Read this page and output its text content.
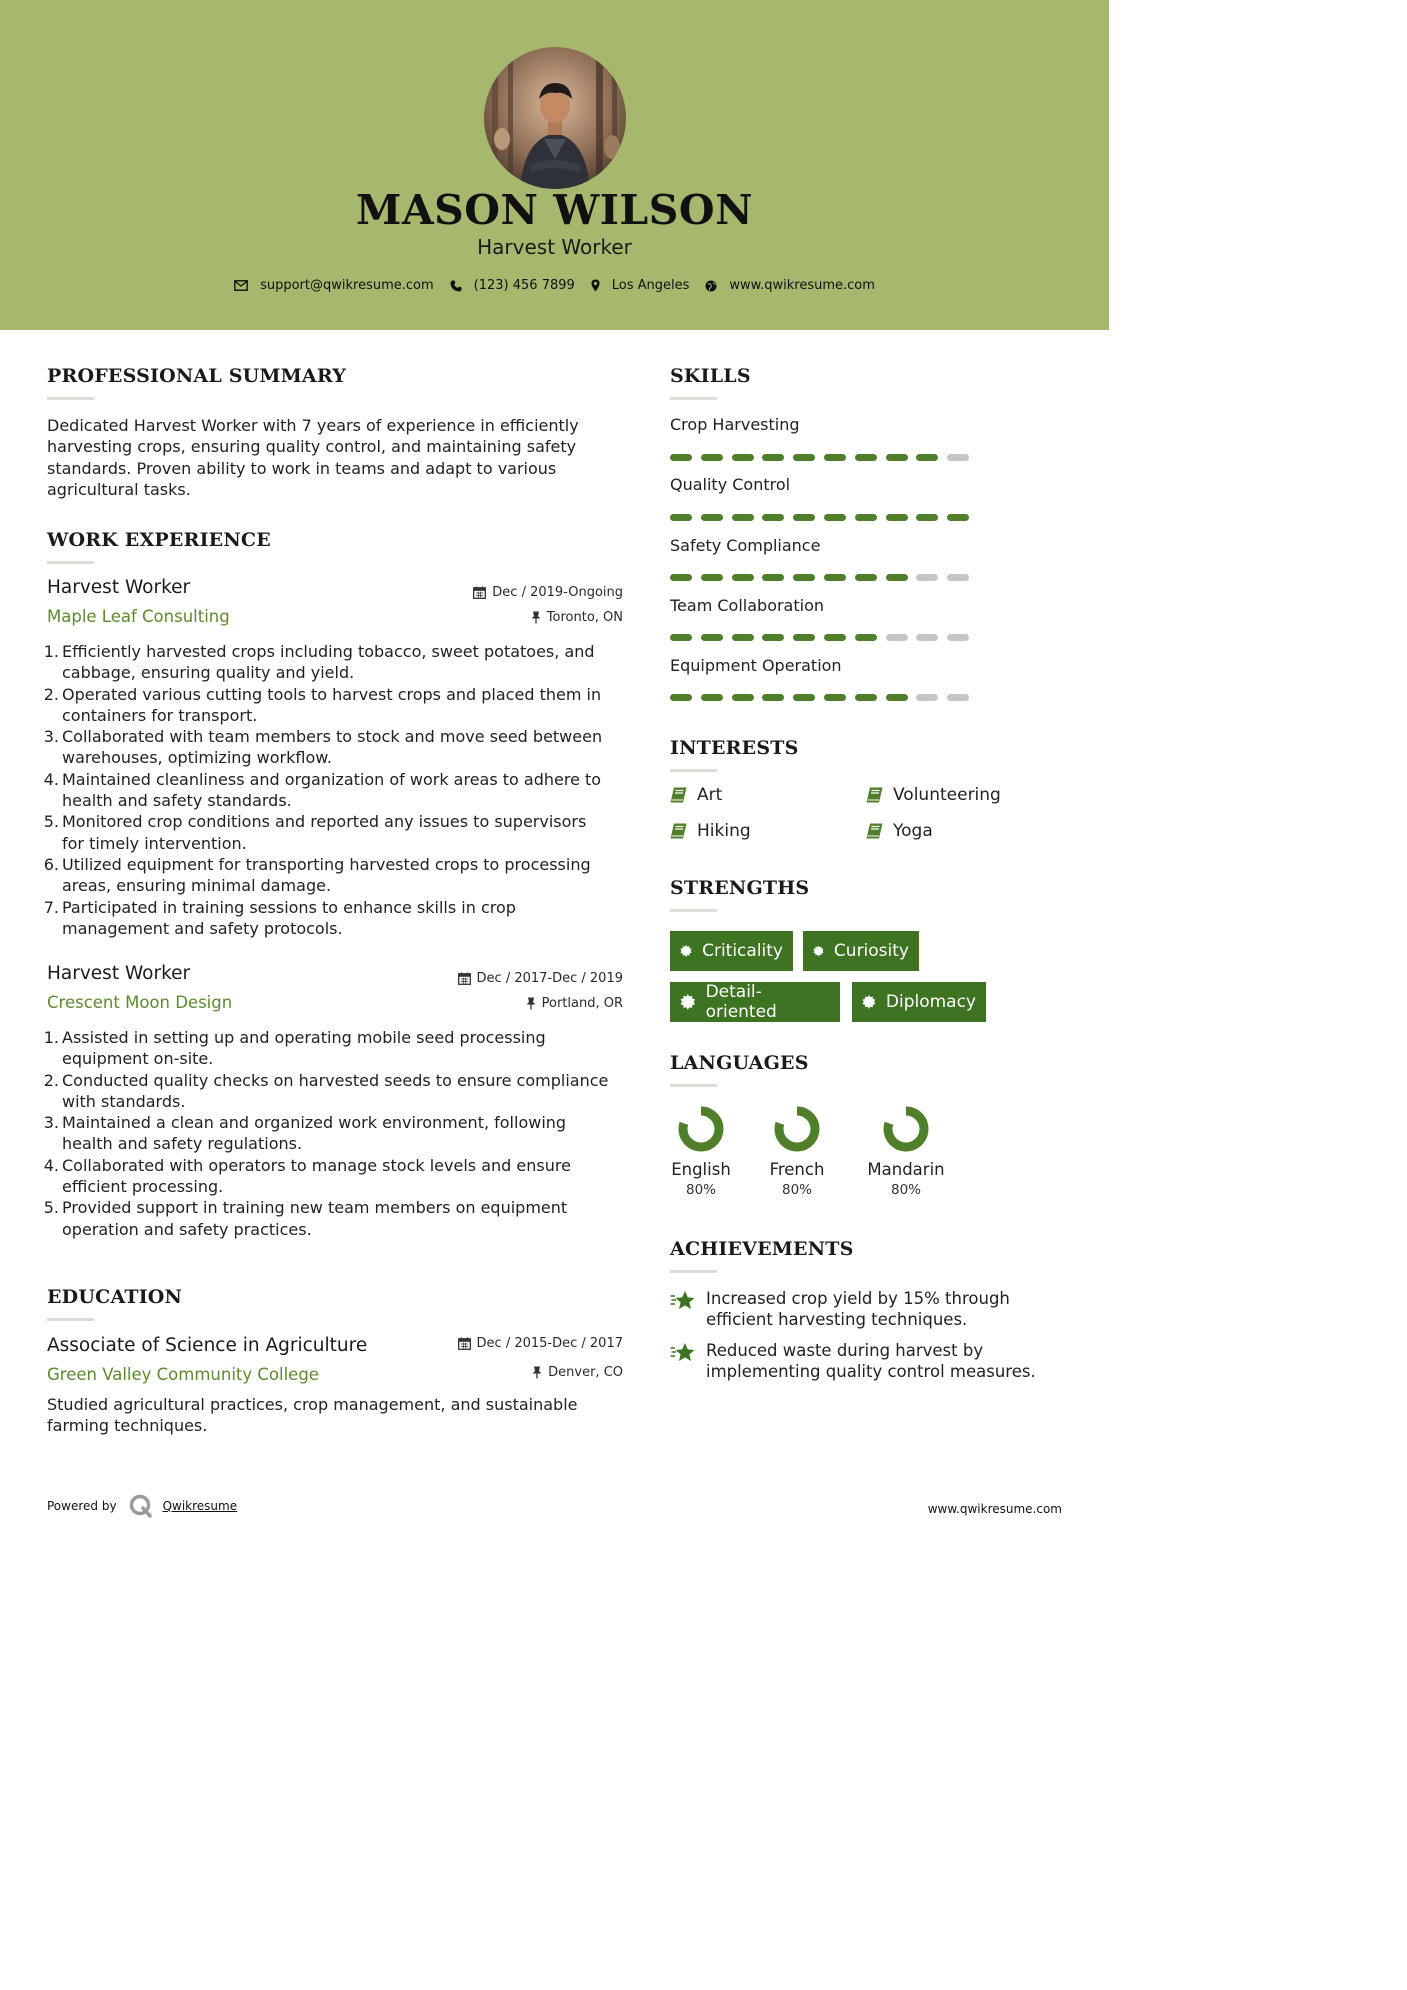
MASON WILSON
Harvest Worker
support@qwikresume.com	(123) 456 7899	Los Angeles	www.qwikresume.com
PROFESSIONAL SUMMARY
Dedicated Harvest Worker with 7 years of experience in efficiently
harvesting crops, ensuring quality control, and maintaining safety
standards. Proven ability to work in teams and adapt to various
agricultural tasks.
WORK EXPERIENCE
Harvest Worker
Maple Leaf Consulting
Dec / 2019-Ongoing
Toronto, ON
1. Efficiently harvested crops including tobacco, sweet potatoes, and
cabbage, ensuring quality and yield.
2. Operated various cutting tools to harvest crops and placed them in
containers for transport.
3. Collaborated with team members to stock and move seed between
warehouses, optimizing workflow.
4. Maintained cleanliness and organization of work areas to adhere to
health and safety standards.
5. Monitored crop conditions and reported any issues to supervisors
for timely intervention.
6. Utilized equipment for transporting harvested crops to processing
areas, ensuring minimal damage.
7. Participated in training sessions to enhance skills in crop
management and safety protocols.
Harvest Worker
Crescent Moon Design
Dec / 2017-Dec / 2019
Portland, OR
1. Assisted in setting up and operating mobile seed processing
equipment on-site.
2. Conducted quality checks on harvested seeds to ensure compliance
with standards.
3. Maintained a clean and organized work environment, following
health and safety regulations.
4. Collaborated with operators to manage stock levels and ensure
efficient processing.
5. Provided support in training new team members on equipment
operation and safety practices.
EDUCATION
Associate of Science in Agriculture
Green Valley Community College
Dec / 2015-Dec / 2017
Denver, CO
Studied agricultural practices, crop management, and sustainable
farming techniques.
SKILLS
Crop Harvesting
Quality Control
Safety Compliance
Team Collaboration
Equipment Operation
INTERESTS
Art	Volunteering
Hiking	Yoga
STRENGTHS
Criticality	Curiosity
Detail-oriented	Diplomacy
LANGUAGES
English
80%
French
80%
Mandarin
80%
ACHIEVEMENTS
Increased crop yield by 15% through
efficient harvesting techniques.
Reduced waste during harvest by
implementing quality control measures.
Powered by	Qwikresume	www.qwikresume.com
